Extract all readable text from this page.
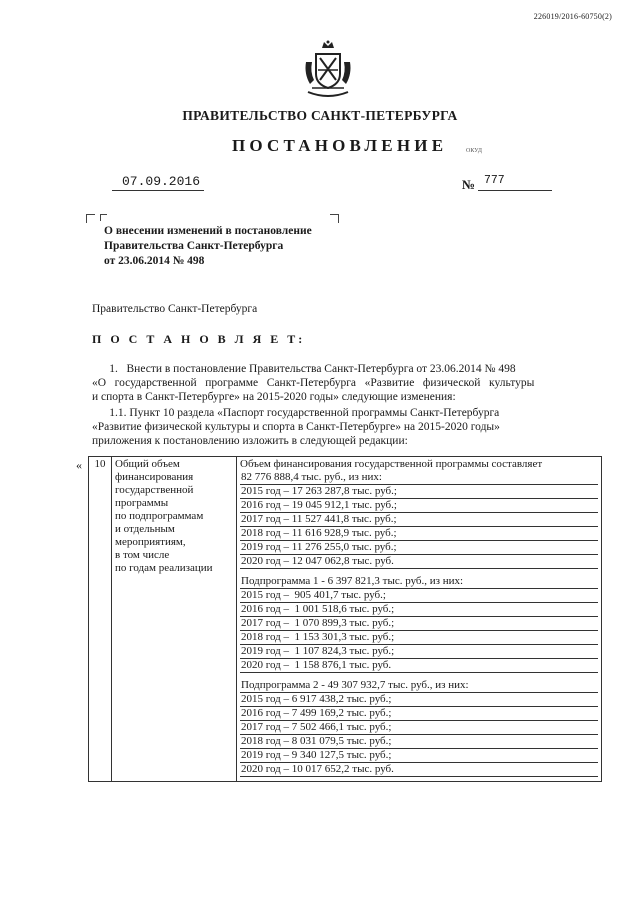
226019/2016-60750(2)
ПРАВИТЕЛЬСТВО САНКТ-ПЕТЕРБУРГА
ПОСТАНОВЛЕНИЕ	ОКУД
07.09.2016	№ 777
О внесении изменений в постановление
Правительства Санкт-Петербурга
от 23.06.2014 № 498
Правительство Санкт-Петербурга
П О С Т А Н О В Л Я Е Т:
1.   Внести в постановление Правительства Санкт-Петербурга от 23.06.2014 № 498
«О   государственной   программе   Санкт-Петербурга   «Развитие   физической   культуры
и спорта в Санкт-Петербурге» на 2015-2020 годы» следующие изменения:
1.1. Пункт 10 раздела «Паспорт государственной программы Санкт-Петербурга
«Развитие физической культуры и спорта в Санкт-Петербурге» на 2015-2020 годы»
приложения к постановлению изложить в следующей редакции:
« 10	Общий объем
финансирования
государственной
программы
по подпрограммам
и отдельным
мероприятиям,
в том числе
по годам реализации

Объем финансирования государственной программы составляет
82 776 888,4 тыс. руб., из них:
2015 год – 17 263 287,8 тыс. руб.;
2016 год – 19 045 912,1 тыс. руб.;
2017 год – 11 527 441,8 тыс. руб.;
2018 год – 11 616 928,9 тыс. руб.;
2019 год – 11 276 255,0 тыс. руб.;
2020 год – 12 047 062,8 тыс. руб.
Подпрограмма 1 - 6 397 821,3 тыс. руб., из них:
2015 год –  905 401,7 тыс. руб.;
2016 год –  1 001 518,6 тыс. руб.;
2017 год –  1 070 899,3 тыс. руб.;
2018 год –  1 153 301,3 тыс. руб.;
2019 год –  1 107 824,3 тыс. руб.;
2020 год –  1 158 876,1 тыс. руб.
Подпрограмма 2 - 49 307 932,7 тыс. руб., из них:
2015 год – 6 917 438,2 тыс. руб.;
2016 год – 7 499 169,2 тыс. руб.;
2017 год – 7 502 466,1 тыс. руб.;
2018 год – 8 031 079,5 тыс. руб.;
2019 год – 9 340 127,5 тыс. руб.;
2020 год – 10 017 652,2 тыс. руб.
